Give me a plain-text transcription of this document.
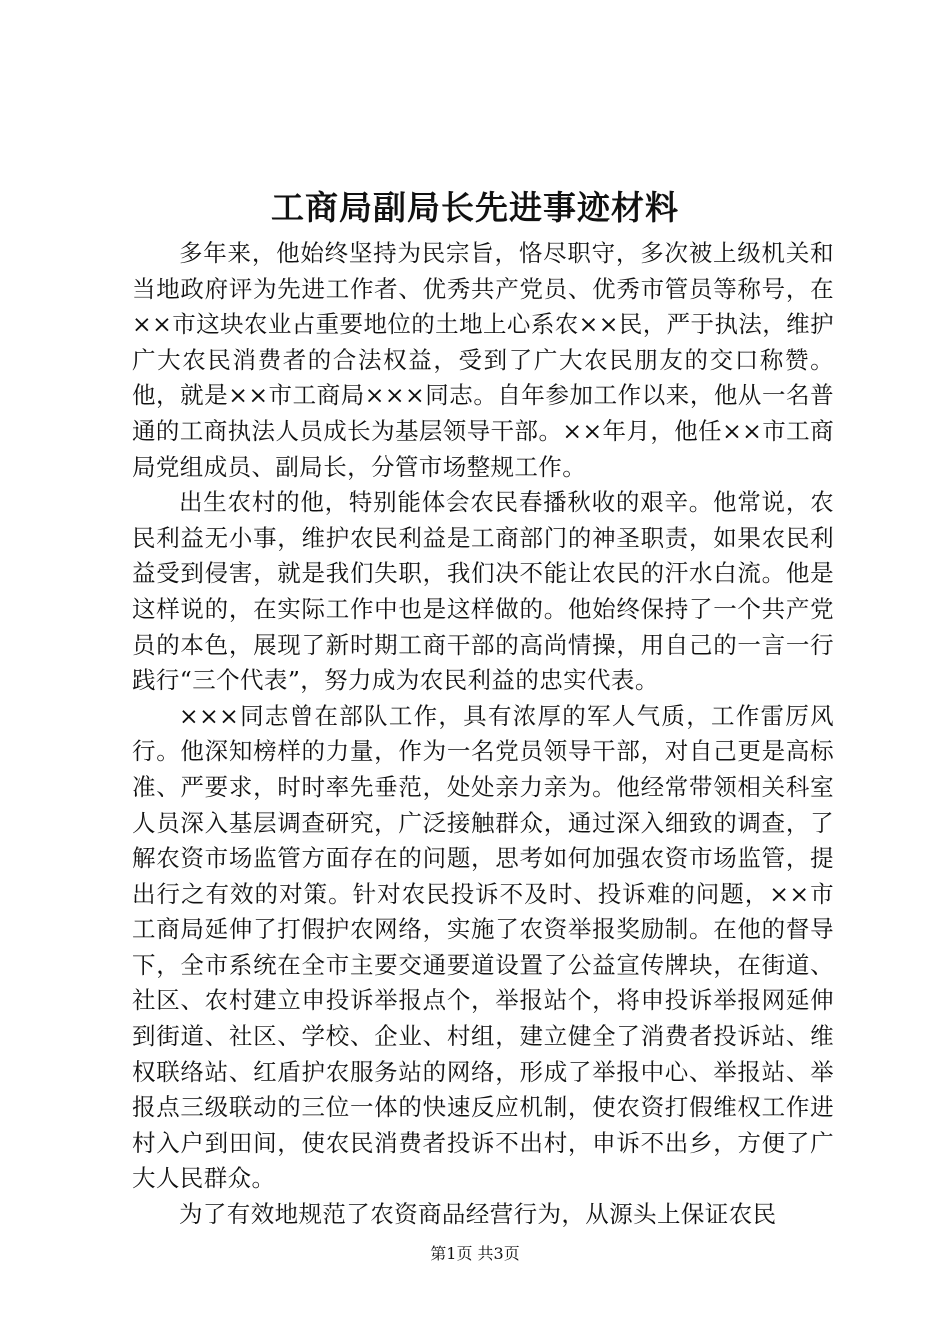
工商局副局长先进事迹材料

多年来，他始终坚持为民宗旨，恪尽职守，多次被上级机关和当地政府评为先进工作者、优秀共产党员、优秀市管员等称号，在××市这块农业占重要地位的土地上心系农××民，严于执法，维护广大农民消费者的合法权益，受到了广大农民朋友的交口称赞。他，就是××市工商局×××同志。自年参加工作以来，他从一名普通的工商执法人员成长为基层领导干部。××年月，他任××市工商局党组成员、副局长，分管市场整规工作。

出生农村的他，特别能体会农民春播秋收的艰辛。他常说，农民利益无小事，维护农民利益是工商部门的神圣职责，如果农民利益受到侵害，就是我们失职，我们决不能让农民的汗水白流。他是这样说的，在实际工作中也是这样做的。他始终保持了一个共产党员的本色，展现了新时期工商干部的高尚情操，用自己的一言一行践行“三个代表”，努力成为农民利益的忠实代表。

×××同志曾在部队工作，具有浓厚的军人气质，工作雷厉风行。他深知榜样的力量，作为一名党员领导干部，对自己更是高标准、严要求，时时率先垂范，处处亲力亲为。他经常带领相关科室人员深入基层调查研究，广泛接触群众，通过深入细致的调查，了解农资市场监管方面存在的问题，思考如何加强农资市场监管，提出行之有效的对策。针对农民投诉不及时、投诉难的问题，××市工商局延伸了打假护农网络，实施了农资举报奖励制。在他的督导下，全市系统在全市主要交通要道设置了公益宣传牌块，在街道、社区、农村建立申投诉举报点个，举报站个，将申投诉举报网延伸到街道、社区、学校、企业、村组，建立健全了消费者投诉站、维权联络站、红盾护农服务站的网络，形成了举报中心、举报站、举报点三级联动的三位一体的快速反应机制，使农资打假维权工作进村入户到田间，使农民消费者投诉不出村，申诉不出乡，方便了广大人民群众。

为了有效地规范了农资商品经营行为，从源头上保证农民

第1页 共3页
